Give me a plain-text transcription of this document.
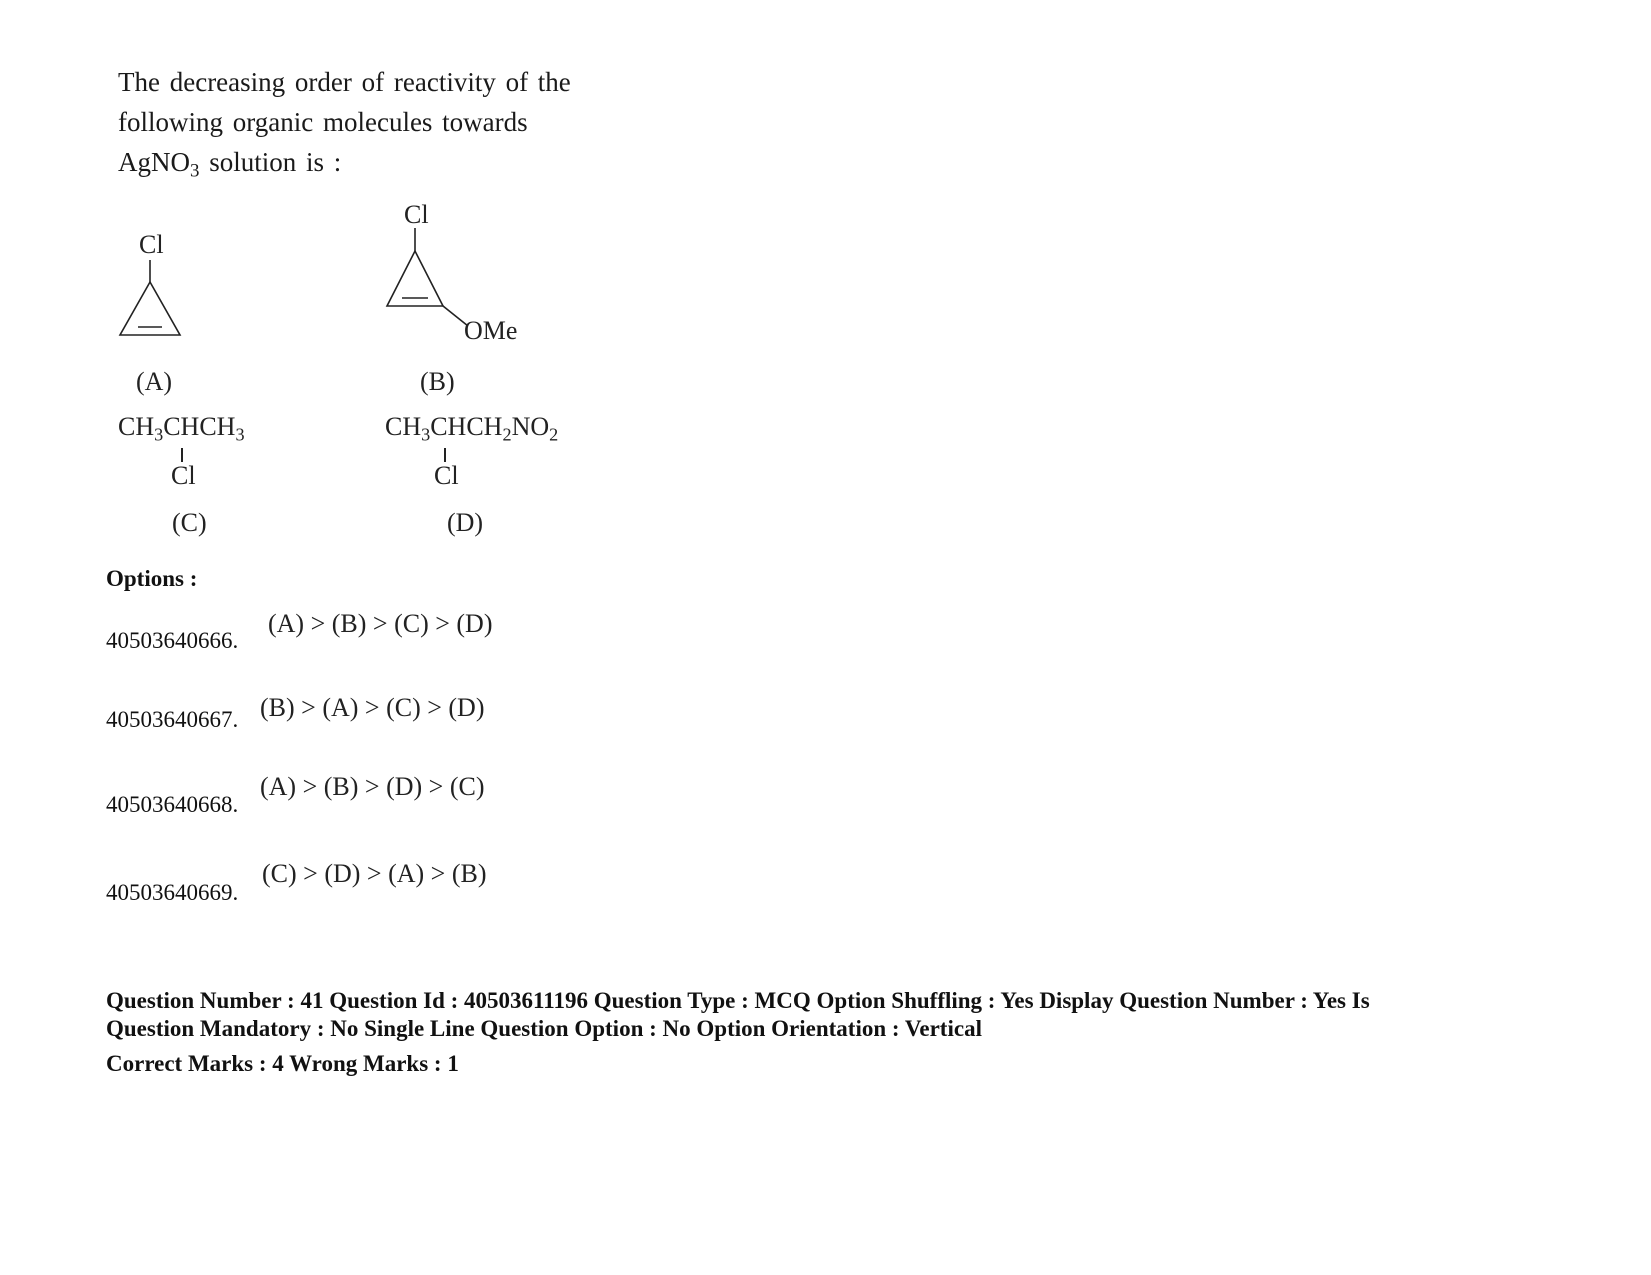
The decreasing order of reactivity of the
following organic molecules towards
AgNO$_3$ solution is :
Cl
(A)
Cl
OMe
(B)
$CH_3CHCH_3$
Cl
(C)
$CH_3CHCH_2NO_2$
Cl
(D)
Options :
40503640666.
(A) > (B) > (C) > (D)
40503640667. (B) > (A) > (C) > (D)
40503640668.
(A) > (B) > (D) > (C)
40503640669.
(C) > (D) > (A) > (B)
Question Number : 41 Question Id : 40503611196 Question Type : MCQ Option Shuffling : Yes Display Question Number : Yes Is
Question Mandatory : No Single Line Question Option : No Option Orientation : Vertical
Correct Marks : 4 Wrong Marks : 1
